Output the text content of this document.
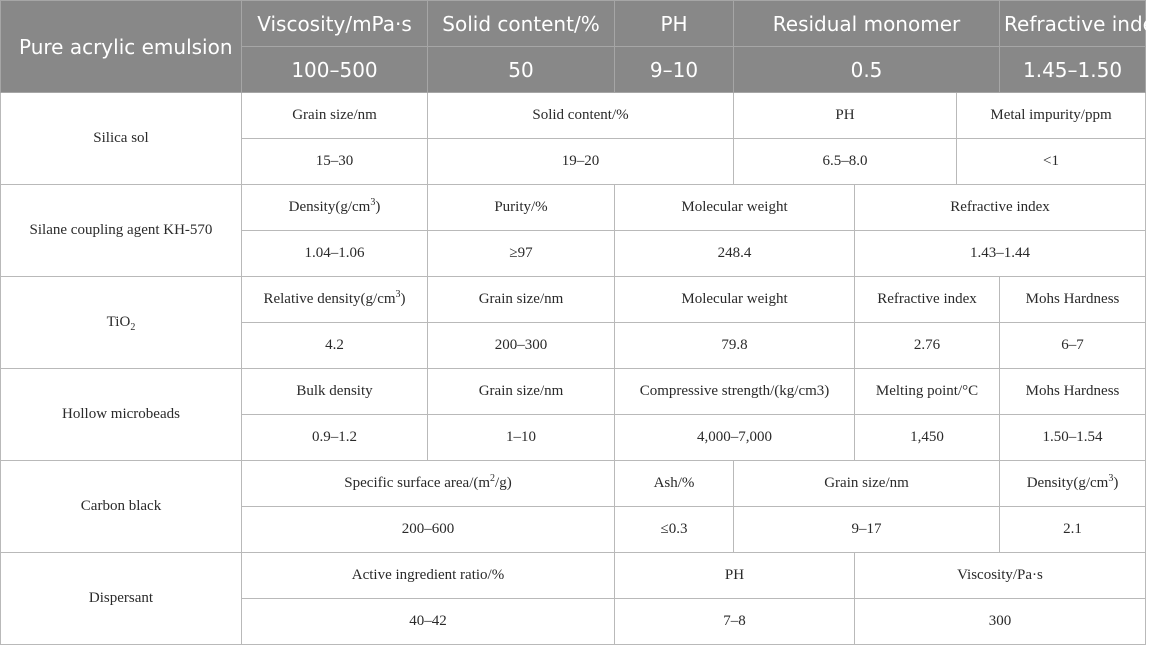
Pure acrylic emulsion	Viscosity/mPa·s	Solid content/%	PH	Residual monomer			Refractive index
	100–500	50	9–10	0.5			1.45–1.50
Silica sol	Grain size/nm	Solid content/%		PH		Metal impurity/ppm	
	15–30	19–20		6.5–8.0		<1	
Silane coupling agent KH-570	$Density(g/cm^3)$	Purity/%	Molecular weight		Refractive index		
	1.04–1.06	≥97	248.4		1.43–1.44		
TiO$_2$	Relative $density(g/cm^3)$	Grain size/nm	Molecular weight		Refractive index		Mohs Hardness
	4.2	200–300	79.8		2.76		6–7
Hollow microbeads	Bulk density	Grain size/nm	Compressive strength/(kg/cm3)		Melting point/°C		Mohs Hardness
	0.9–1.2	1–10	4,000–7,000		1,450		1.50–1.54
Carbon black	Specific surface area/$(m^2/g)$		Ash/%	Grain size/nm			$Density(g/cm^3)$
	200–600		≤0.3	9–17			2.1
Dispersant	Active ingredient ratio/%		PH		Viscosity/Pa·s		
	40–42		7–8		300		
